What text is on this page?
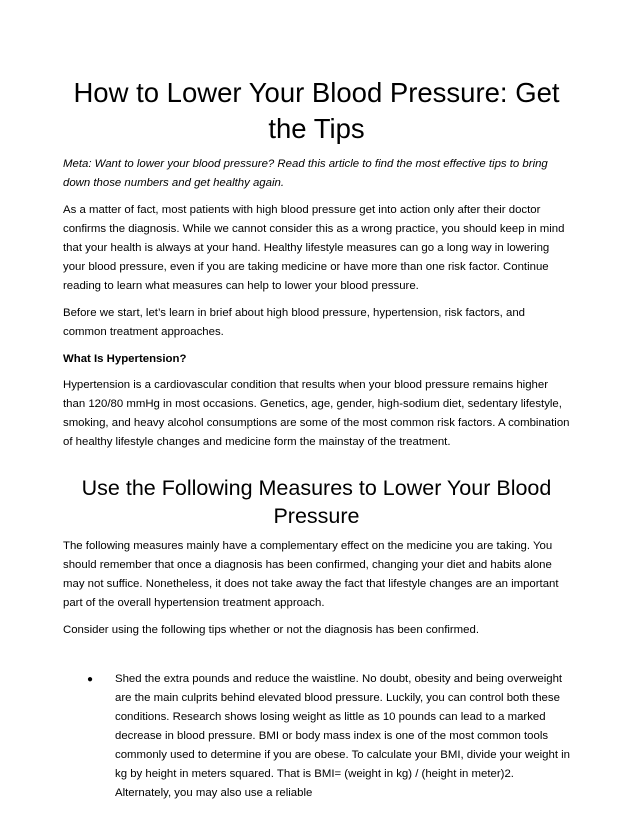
How to Lower Your Blood Pressure: Get the Tips

Meta: Want to lower your blood pressure? Read this article to find the most effective tips to bring down those numbers and get healthy again.

As a matter of fact, most patients with high blood pressure get into action only after their doctor confirms the diagnosis. While we cannot consider this as a wrong practice, you should keep in mind that your health is always at your hand. Healthy lifestyle measures can go a long way in lowering your blood pressure, even if you are taking medicine or have more than one risk factor. Continue reading to learn what measures can help to lower your blood pressure.

Before we start, let’s learn in brief about high blood pressure, hypertension, risk factors, and common treatment approaches.

What Is Hypertension?

Hypertension is a cardiovascular condition that results when your blood pressure remains higher than 120/80 mmHg in most occasions. Genetics, age, gender, high-sodium diet, sedentary lifestyle, smoking, and heavy alcohol consumptions are some of the most common risk factors. A combination of healthy lifestyle changes and medicine form the mainstay of the treatment.

Use the Following Measures to Lower Your Blood Pressure

The following measures mainly have a complementary effect on the medicine you are taking. You should remember that once a diagnosis has been confirmed, changing your diet and habits alone may not suffice. Nonetheless, it does not take away the fact that lifestyle changes are an important part of the overall hypertension treatment approach.

Consider using the following tips whether or not the diagnosis has been confirmed.

● Shed the extra pounds and reduce the waistline. No doubt, obesity and being overweight are the main culprits behind elevated blood pressure. Luckily, you can control both these conditions. Research shows losing weight as little as 10 pounds can lead to a marked decrease in blood pressure. BMI or body mass index is one of the most common tools commonly used to determine if you are obese. To calculate your BMI, divide your weight in kg by height in meters squared. That is BMI= (weight in kg) / (height in meter)2. Alternately, you may also use a reliable
